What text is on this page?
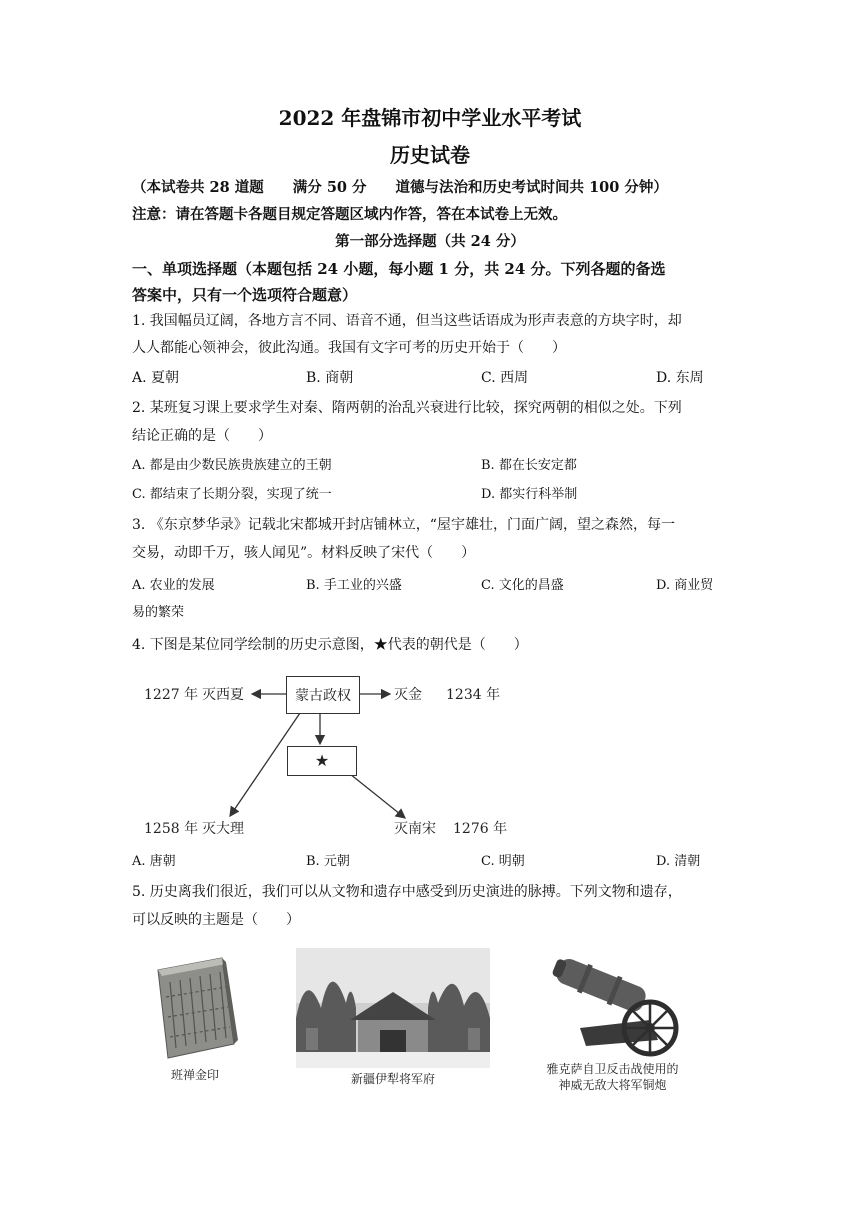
2022 年盘锦市初中学业水平考试
历史试卷
（本试卷共 28 道题　　满分 50 分　　道德与法治和历史考试时间共 100 分钟）
注意：请在答题卡各题目规定答题区域内作答，答在本试卷上无效。
第一部分选择题（共 24 分）
一、单项选择题（本题包括 24 小题，每小题 1 分，共 24 分。下列各题的备选
答案中，只有一个选项符合题意）
1. 我国幅员辽阔，各地方言不同、语音不通，但当这些话语成为形声表意的方块字时，却
人人都能心领神会，彼此沟通。我国有文字可考的历史开始于（　　）
A. 夏朝	B. 商朝	C. 西周	D. 东周
2. 某班复习课上要求学生对秦、隋两朝的治乱兴衰进行比较，探究两朝的相似之处。下列
结论正确的是（　　）
A. 都是由少数民族贵族建立的王朝	B. 都在长安定都
C. 都结束了长期分裂，实现了统一	D. 都实行科举制
3. 《东京梦华录》记载北宋都城开封店铺林立，“屋宇雄壮，门面广阔，望之森然，每一
交易，动即千万，骇人闻见”。材料反映了宋代（　　）
A. 农业的发展	B. 手工业的兴盛	C. 文化的昌盛	D. 商业贸
易的繁荣
4. 下图是某位同学绘制的历史示意图，★代表的朝代是（　　）
蒙古政权
★
1227 年 灭西夏	灭金 1234 年
1258 年 灭大理	灭南宋 1276 年
A. 唐朝	B. 元朝	C. 明朝	D. 清朝
5. 历史离我们很近，我们可以从文物和遗存中感受到历史演进的脉搏。下列文物和遗存，
可以反映的主题是（　　）
班禅金印	新疆伊犁将军府
雅克萨自卫反击战使用的
神威无敌大将军铜炮
